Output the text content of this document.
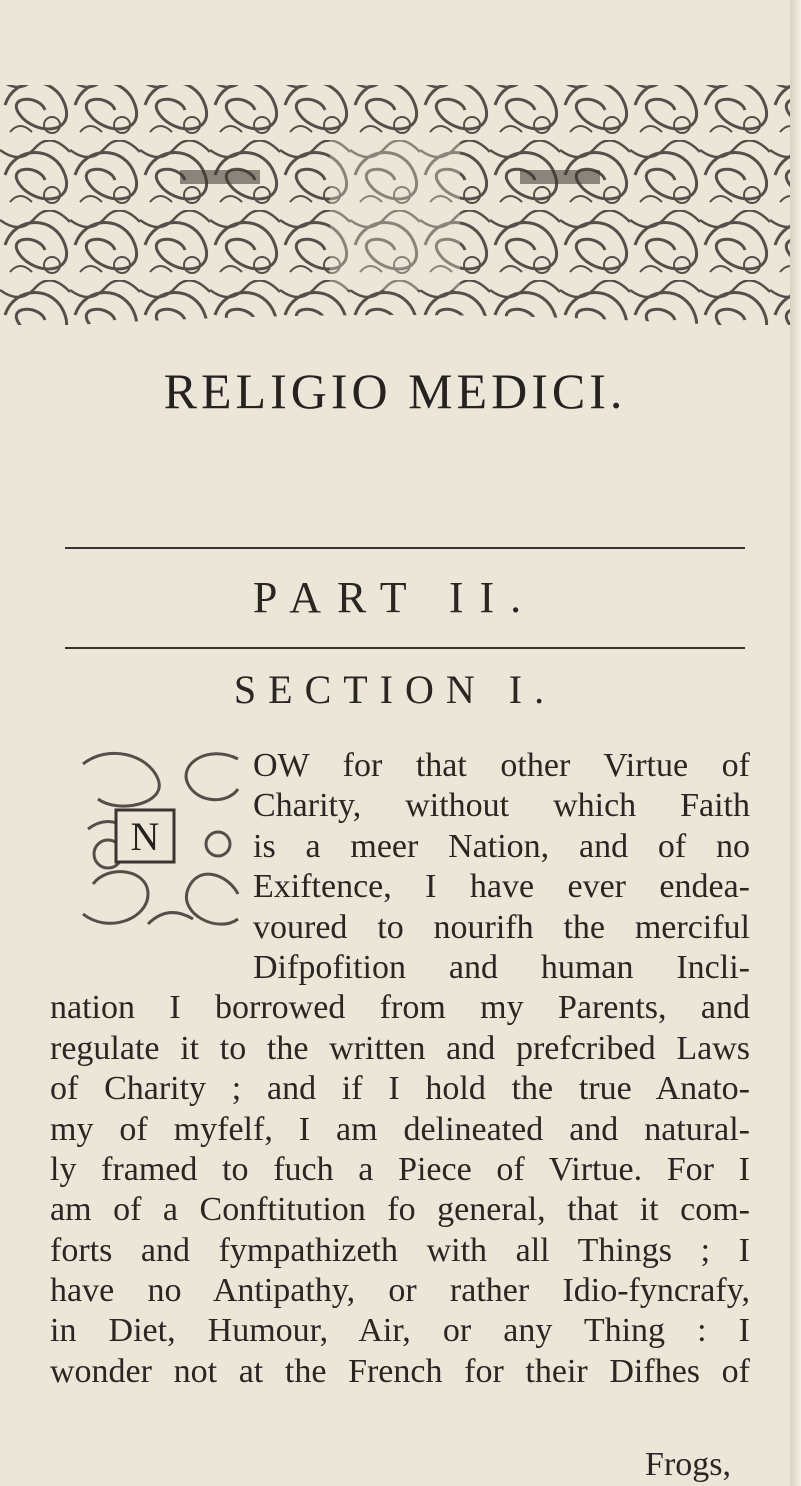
RELIGIO MEDICI.
PART II.
SECTION I.
N
OW for that other Virtue of
Charity, without which Faith
is a meer Nation, and of no
Exiftence, I have ever endea-
voured to nourifh the merciful
Difpofition and human Incli-
nation I borrowed from my Parents, and
regulate it to the written and prefcribed Laws
of Charity ; and if I hold the true Anato-
my of myfelf, I am delineated and natural-
ly framed to fuch a Piece of Virtue. For I
am of a Conftitution fo general, that it com-
forts and fympathizeth with all Things ; I
have no Antipathy, or rather Idio-fyncrafy,
in Diet, Humour, Air, or any Thing : I
wonder not at the French for their Difhes of
Frogs,
